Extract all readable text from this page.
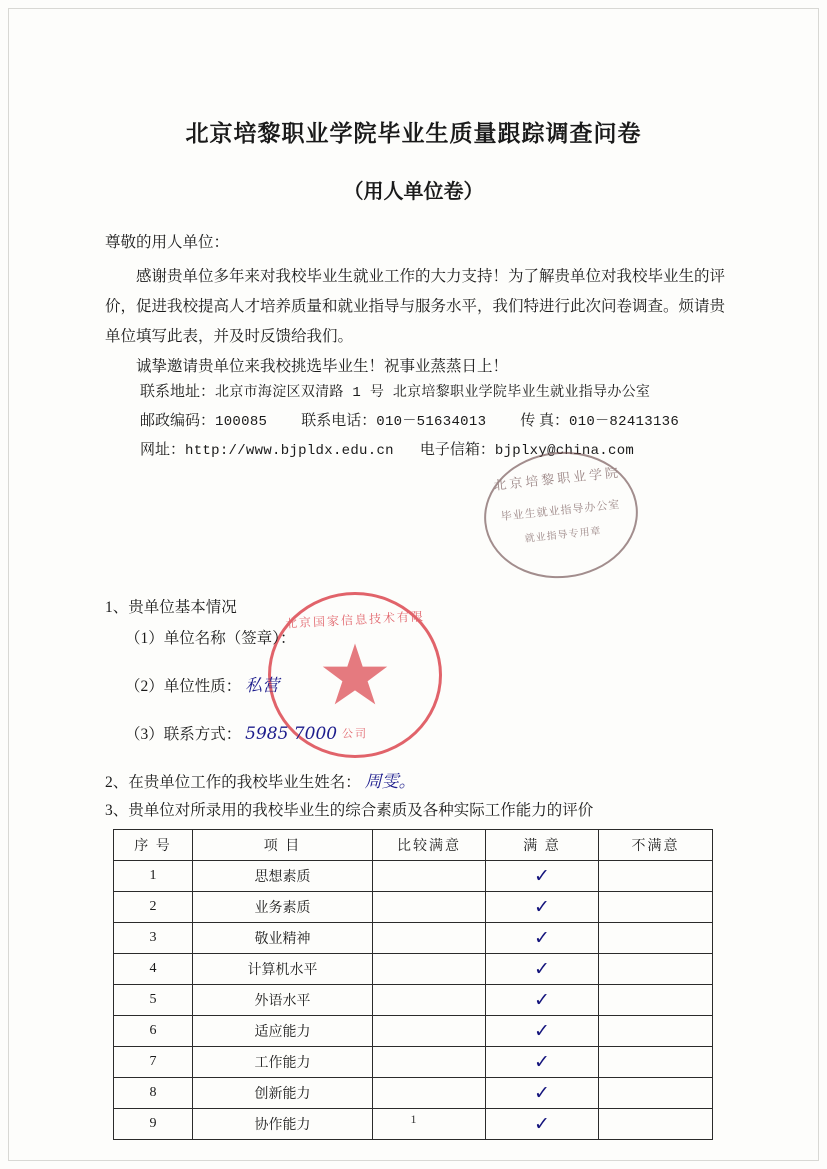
北京培黎职业学院毕业生质量跟踪调查问卷
（用人单位卷）
尊敬的用人单位：
感谢贵单位多年来对我校毕业生就业工作的大力支持！为了解贵单位对我校毕业生的评价，促进我校提高人才培养质量和就业指导与服务水平，我们特进行此次问卷调查。烦请贵单位填写此表，并及时反馈给我们。
诚挚邀请贵单位来我校挑选毕业生！祝事业蒸蒸日上！
联系地址：北京市海淀区双清路 1 号 北京培黎职业学院毕业生就业指导办公室
邮政编码：100085 联系电话：010－51634013 传 真：010－82413136
网址：http://www.bjpldx.edu.cn 电子信箱：bjplxy@china.com
北京培黎职业学院
毕业生就业指导办公室
就业指导专用章
北京国家信息技术有限
公司
1、贵单位基本情况
（1）单位名称（签章）：
（2）单位性质： 私营
（3）联系方式： 5985 7000
2、在贵单位工作的我校毕业生姓名： 周雯。
3、贵单位对所录用的我校毕业生的综合素质及各种实际工作能力的评价
序 号	项 目	比较满意	满 意	不满意
1	思想素质		✓	
2	业务素质		✓	
3	敬业精神		✓	
4	计算机水平		✓	
5	外语水平		✓	
6	适应能力		✓	
7	工作能力		✓	
8	创新能力		✓	
9	协作能力		✓	
1
